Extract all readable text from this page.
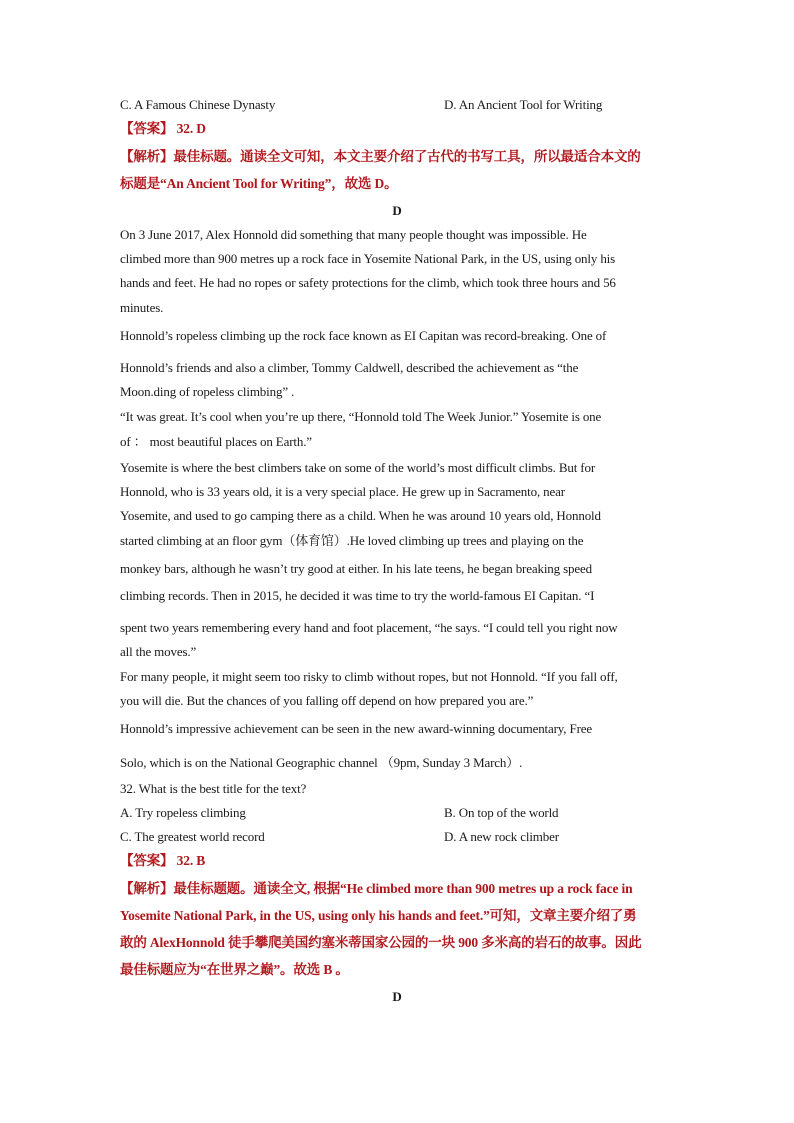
C. A Famous Chinese Dynasty	D. An Ancient Tool for Writing
【答案】 32. D
【解析】最佳标题。通读全文可知，本文主要介绍了古代的书写工具，所以最适合本文的
标题是“An Ancient Tool for Writing”，故选 D。
D
On 3 June 2017, Alex Honnold did something that many people thought was impossible. He
climbed more than 900 metres up a rock face in Yosemite National Park, in the US, using only his
hands and feet. He had no ropes or safety protections for the climb, which took three hours and 56
minutes.
Honnold’s ropeless climbing up the rock face known as EI Capitan was record-breaking. One of
Honnold’s friends and also a climber, Tommy Caldwell, described the achievement as “the
Moon.ding of ropeless climbing” .
“It was great. It’s cool when you’re up there, “Honnold told The Week Junior.” Yosemite is one
of ： most beautiful places on Earth.”
Yosemite is where the best climbers take on some of the world’s most difficult climbs. But for
Honnold, who is 33 years old, it is a very special place. He grew up in Sacramento, near
Yosemite, and used to go camping there as a child. When he was around 10 years old, Honnold
started climbing at an floor gym（体育馆）.He loved climbing up trees and playing on the
monkey bars, although he wasn’t try good at either. In his late teens, he began breaking speed
climbing records. Then in 2015, he decided it was time to try the world-famous EI Capitan. “I
spent two years remembering every hand and foot placement, “he says. “I could tell you right now
all the moves.”
For many people, it might seem too risky to climb without ropes, but not Honnold. “If you fall off,
you will die. But the chances of you falling off depend on how prepared you are.”
Honnold’s impressive achievement can be seen in the new award-winning documentary, Free
Solo, which is on the National Geographic channel （9pm, Sunday 3 March）.
32. What is the best title for the text?
A. Try ropeless climbing	B. On top of the world
C. The greatest world record	D. A new rock climber
【答案】 32. B
【解析】最佳标题题。通读全文, 根据“He climbed more than 900 metres up a rock face in
Yosemite National Park, in the US, using only his hands and feet.”可知，文章主要介绍了勇
敢的 AlexHonnold 徒手攀爬美国约塞米蒂国家公园的一块 900 多米高的岩石的故事。因此
最佳标题应为“在世界之巅”。故选 B 。
D
